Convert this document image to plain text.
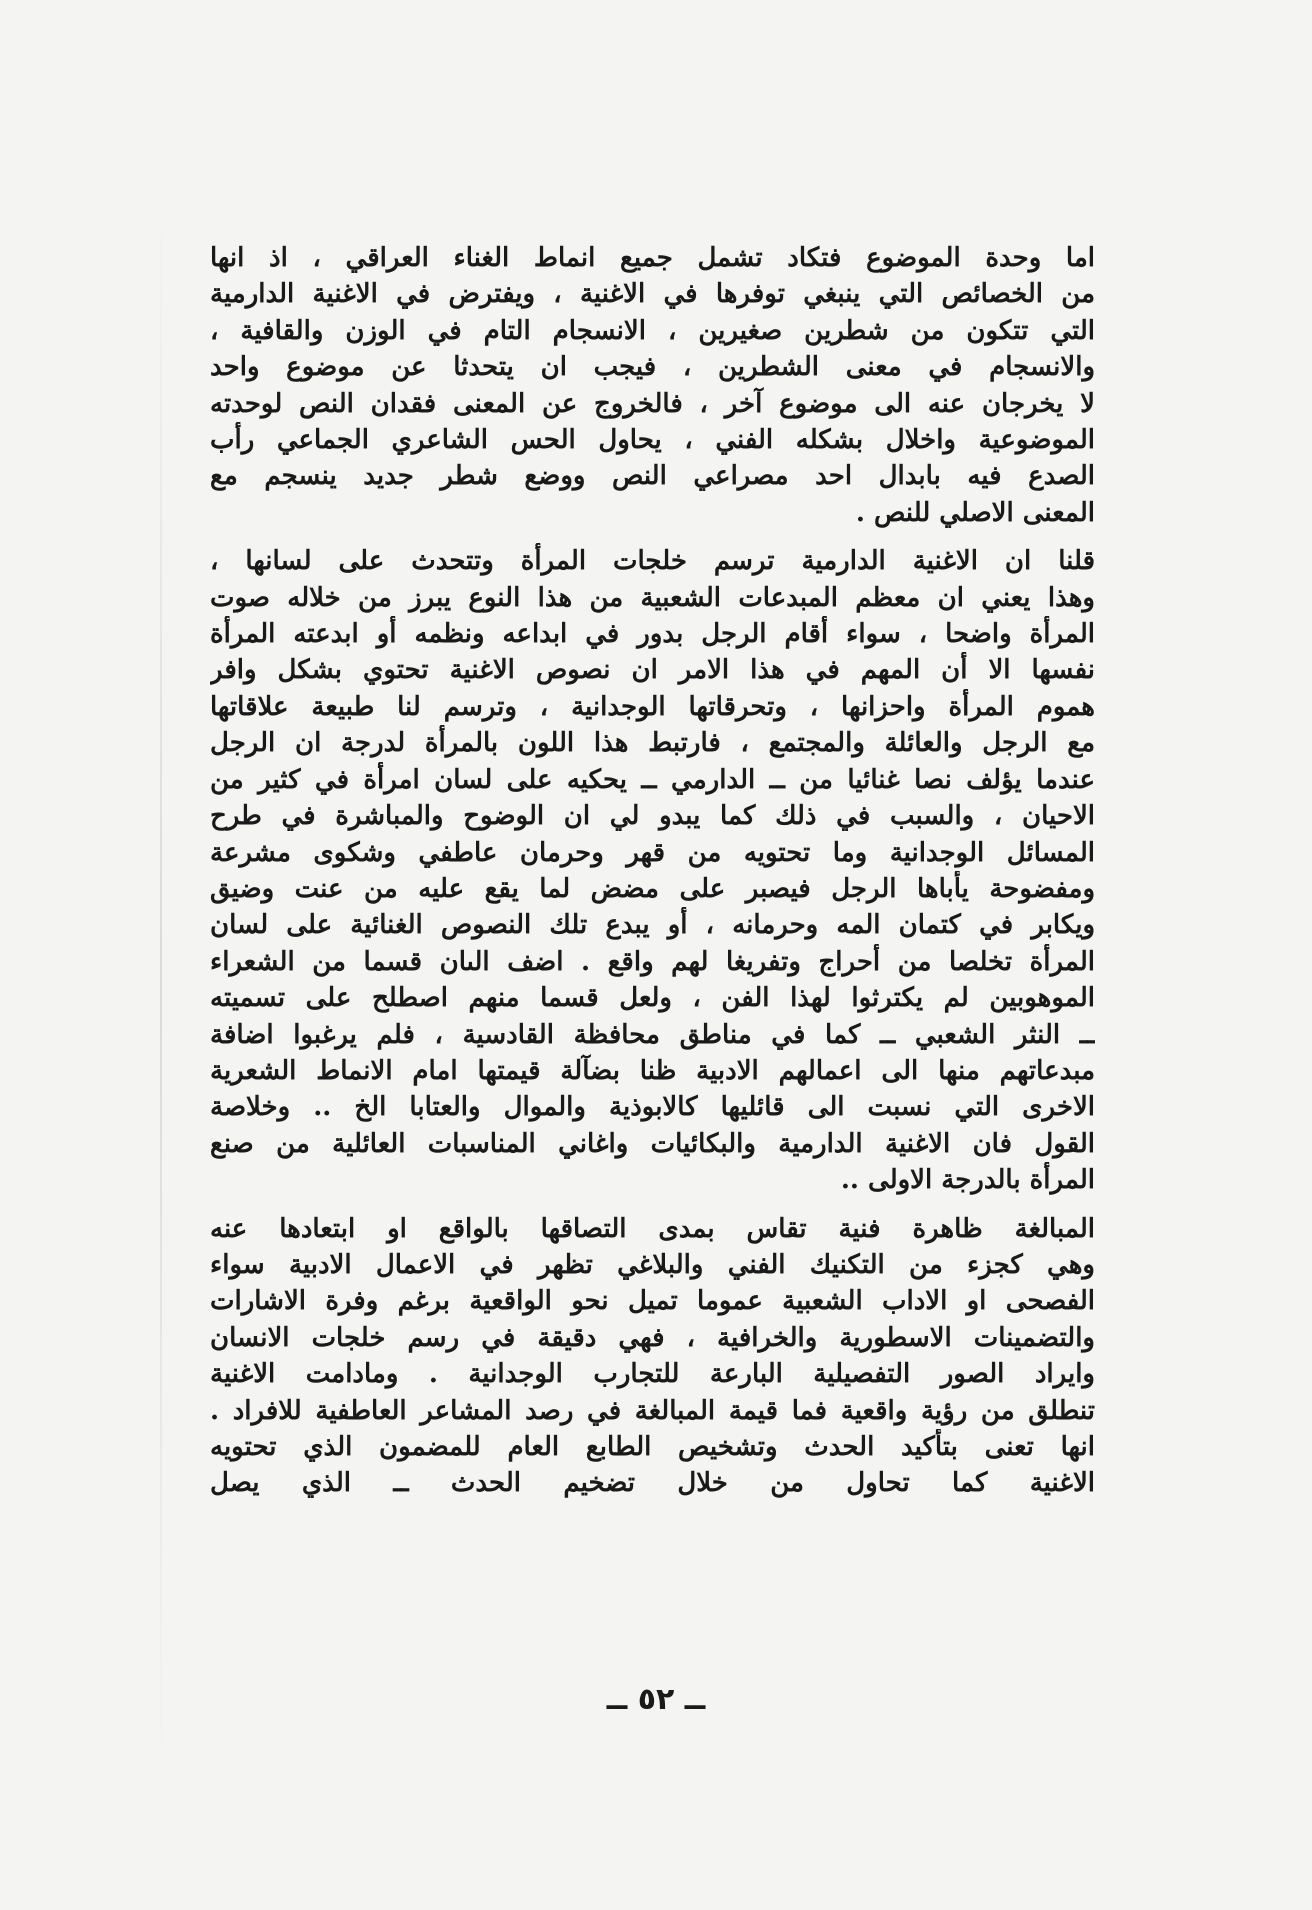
اما وحدة الموضوع فتكاد تشمل جميع انماط الغناء العراقي ، اذ انها
من الخصائص التي ينبغي توفرها في الاغنية ، ويفترض في الاغنية الدارمية
التي تتكون من شطرين صغيرين ، الانسجام التام في الوزن والقافية ،
والانسجام في معنى الشطرين ، فيجب ان يتحدثا عن موضوع واحد
لا يخرجان عنه الى موضوع آخر ، فالخروج عن المعنى فقدان النص لوحدته
الموضوعية واخلال بشكله الفني ، يحاول الحس الشاعري الجماعي رأب
الصدع فيه بابدال احد مصراعي النص ووضع شطر جديد ينسجم مع
المعنى الاصلي للنص .
قلنا ان الاغنية الدارمية ترسم خلجات المرأة وتتحدث على لسانها ،
وهذا يعني ان معظم المبدعات الشعبية من هذا النوع يبرز من خلاله صوت
المرأة واضحا ، سواء أقام الرجل بدور في ابداعه ونظمه أو ابدعته المرأة
نفسها الا أن المهم في هذا الامر ان نصوص الاغنية تحتوي بشكل وافر
هموم المرأة واحزانها ، وتحرقاتها الوجدانية ، وترسم لنا طبيعة علاقاتها
مع الرجل والعائلة والمجتمع ، فارتبط هذا اللون بالمرأة لدرجة ان الرجل
عندما يؤلف نصا غنائيا من ــ الدارمي ــ يحكيه على لسان امرأة في كثير من
الاحيان ، والسبب في ذلك كما يبدو لي ان الوضوح والمباشرة في طرح
المسائل الوجدانية وما تحتويه من قهر وحرمان عاطفي وشكوى مشرعة
ومفضوحة يأباها الرجل فيصبر على مضض لما يقع عليه من عنت وضيق
ويكابر في كتمان المه وحرمانه ، أو يبدع تلك النصوص الغنائية على لسان
المرأة تخلصا من أحراج وتفريغا لهم واقع . اضف الىان قسما من الشعراء
الموهوبين لم يكترثوا لهذا الفن ، ولعل قسما منهم اصطلح على تسميته
ــ النثر الشعبي ــ كما في مناطق محافظة القادسية ، فلم يرغبوا اضافة
مبدعاتهم منها الى اعمالهم الادبية ظنا بضآلة قيمتها امام الانماط الشعرية
الاخرى التي نسبت الى قائليها كالابوذية والموال والعتابا الخ .. وخلاصة
القول فان الاغنية الدارمية والبكائيات واغاني المناسبات العائلية من صنع
المرأة بالدرجة الاولى ..
المبالغة ظاهرة فنية تقاس بمدى التصاقها بالواقع او ابتعادها عنه
وهي كجزء من التكنيك الفني والبلاغي تظهر في الاعمال الادبية سواء
الفصحى او الاداب الشعبية عموما تميل نحو الواقعية برغم وفرة الاشارات
والتضمينات الاسطورية والخرافية ، فهي دقيقة في رسم خلجات الانسان
وايراد الصور التفصيلية البارعة للتجارب الوجدانية . ومادامت الاغنية
تنطلق من رؤية واقعية فما قيمة المبالغة في رصد المشاعر العاطفية للافراد .
انها تعنى بتأكيد الحدث وتشخيص الطابع العام للمضمون الذي تحتويه
الاغنية كما تحاول من خلال تضخيم الحدث ــ الذي يصل
ــ ٥٢ ــ
